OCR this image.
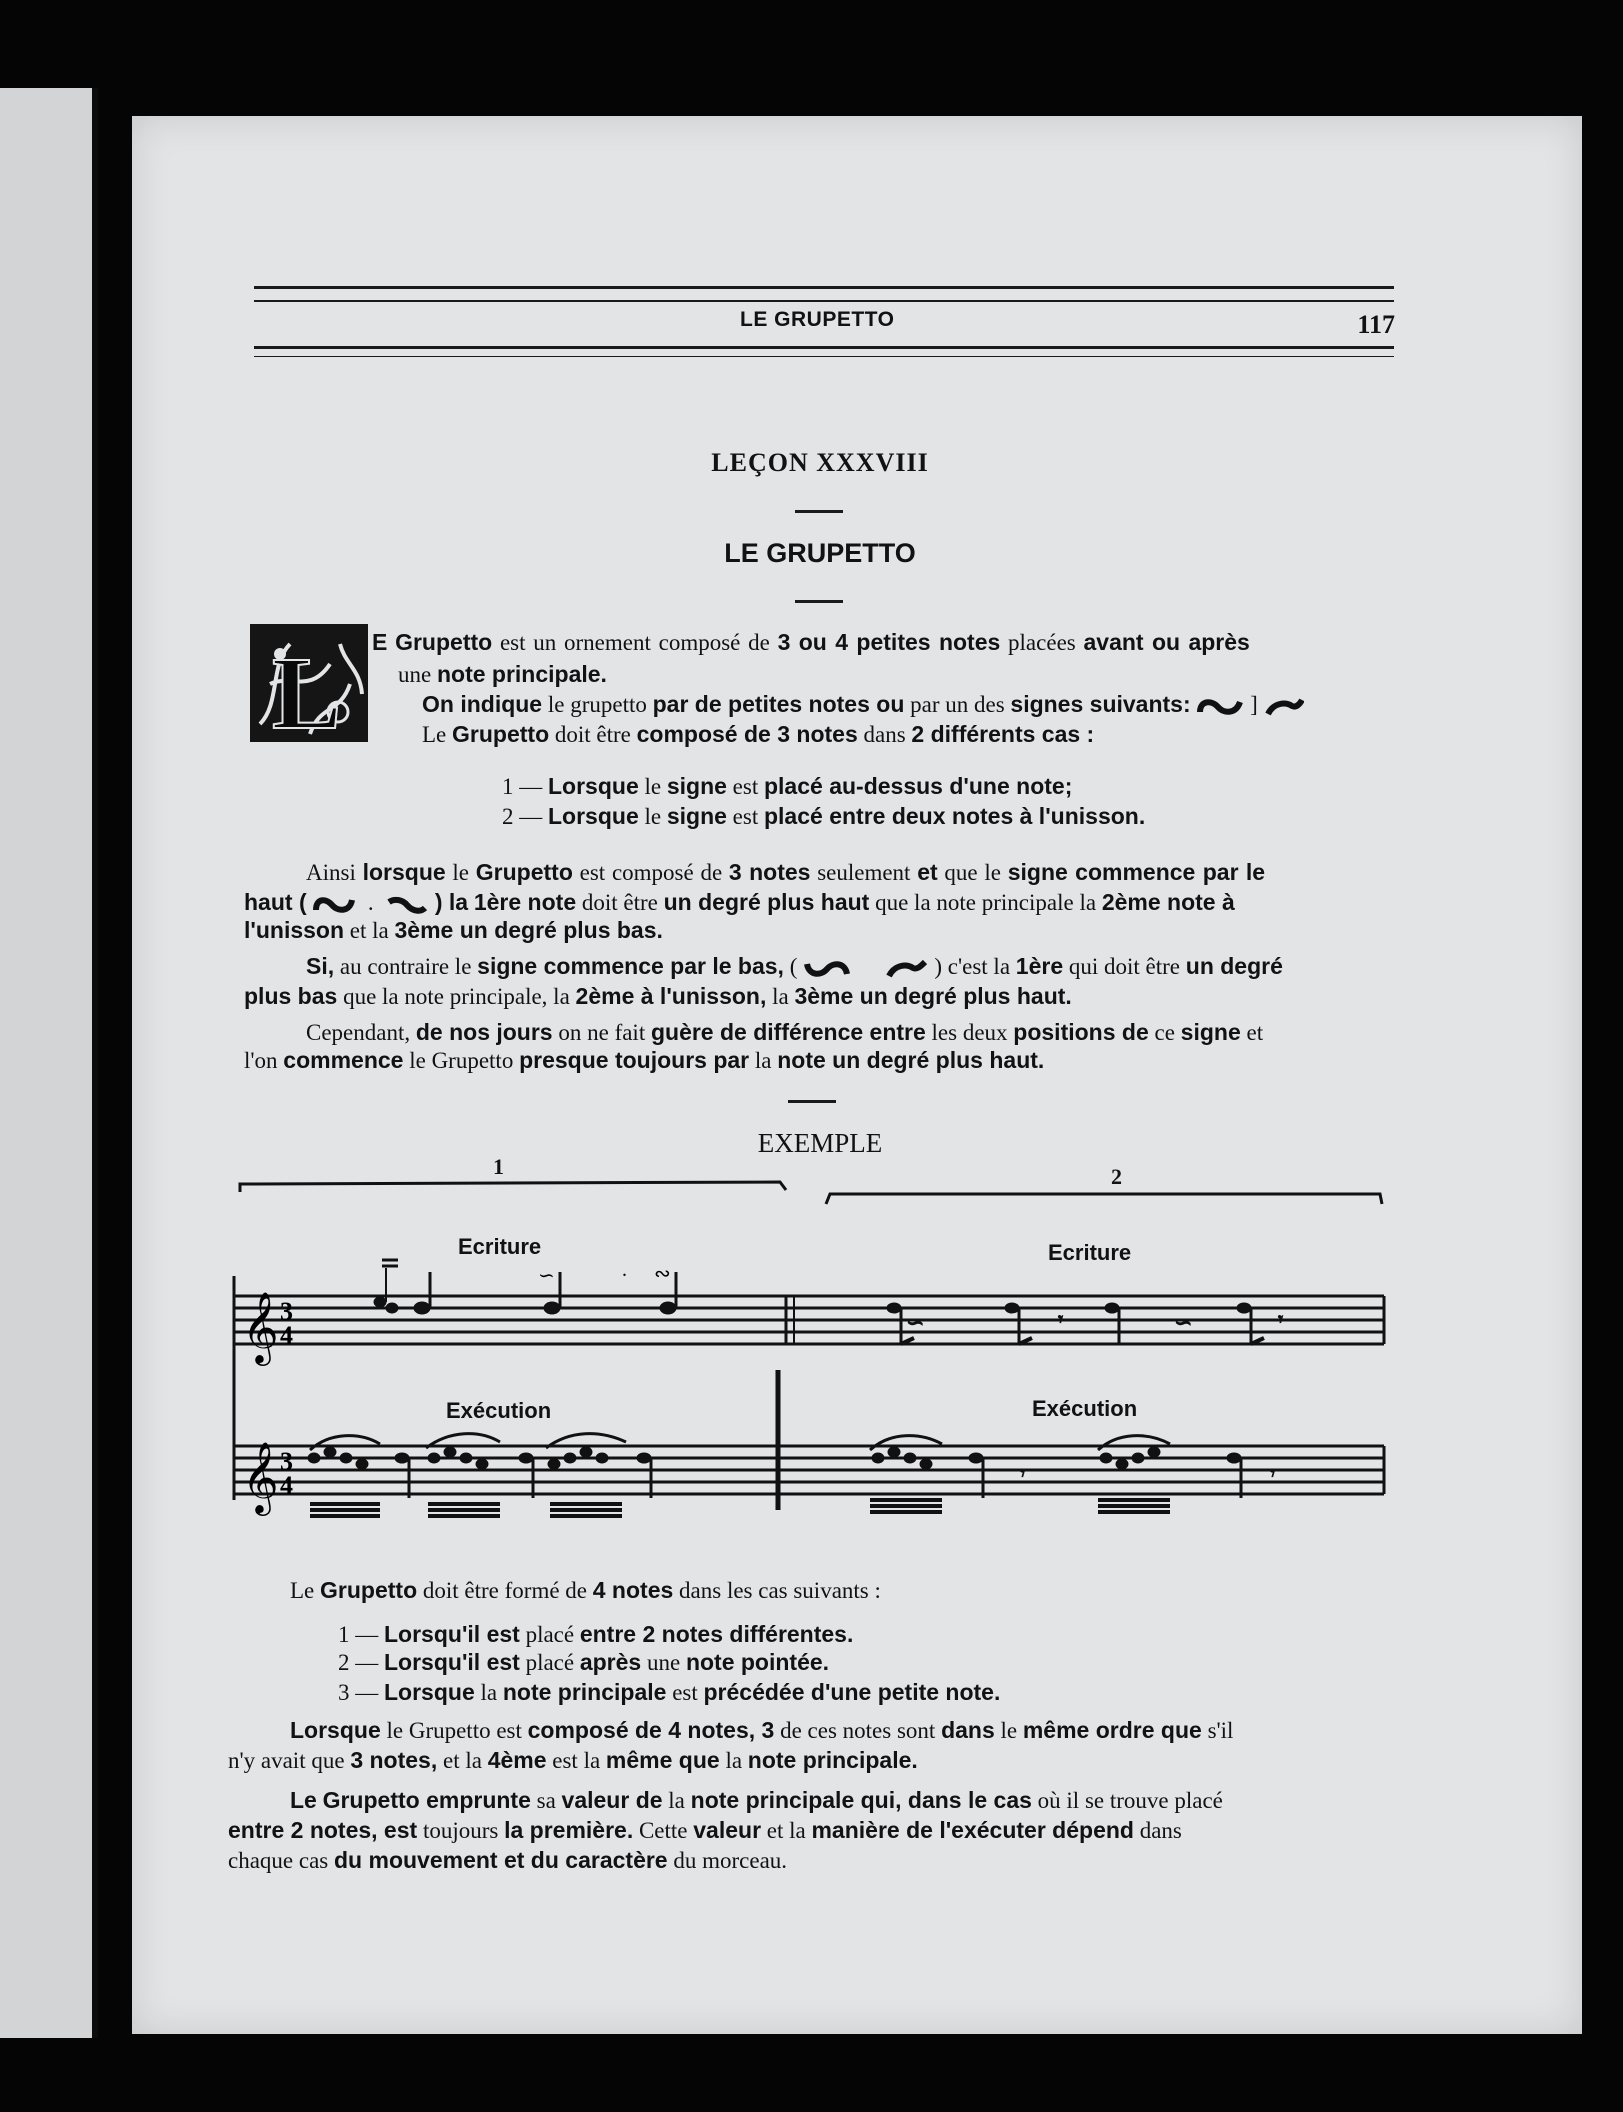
LE GRUPETTO	117
LEÇON XXXVIII
LE GRUPETTO
L E Grupetto est un ornement composé de 3 ou 4 petites notes placées avant ou après
une note principale.
On indique le grupetto par de petites notes ou par un des signes suivants:	]
Le Grupetto doit être composé de 3 notes dans 2 différents cas :
1 — Lorsque le signe est placé au-dessus d'une note;
2 — Lorsque le signe est placé entre deux notes à l'unisson.
Ainsi lorsque le Grupetto est composé de 3 notes seulement et que le signe commence par le
haut (   .   ) la 1ère note doit être un degré plus haut que la note principale la 2ème note à
l'unisson et la 3ème un degré plus bas.
Si, au contraire le signe commence par le bas, (	) c'est la 1ère qui doit être un degré
plus bas que la note principale, la 2ème à l'unisson, la 3ème un degré plus haut.
Cependant, de nos jours on ne fait guère de différence entre les deux positions de ce signe et
l'on commence le Grupetto presque toujours par la note un degré plus haut.
EXEMPLE
1	2
𝄞 3
4
∽	. ∾
∽	𝄾	∽	𝄾
𝄞 3
4	𝄾	𝄾
Ecriture	Ecriture
Exécution	Exécution
Le Grupetto doit être formé de 4 notes dans les cas suivants :
1 — Lorsqu'il est placé entre 2 notes différentes.
2 — Lorsqu'il est placé après une note pointée.
3 — Lorsque la note principale est précédée d'une petite note.
Lorsque le Grupetto est composé de 4 notes, 3 de ces notes sont dans le même ordre que s'il
n'y avait que 3 notes, et la 4ème est la même que la note principale.
Le Grupetto emprunte sa valeur de la note principale qui, dans le cas où il se trouve placé
entre 2 notes, est toujours la première. Cette valeur et la manière de l'exécuter dépend dans
chaque cas du mouvement et du caractère du morceau.
